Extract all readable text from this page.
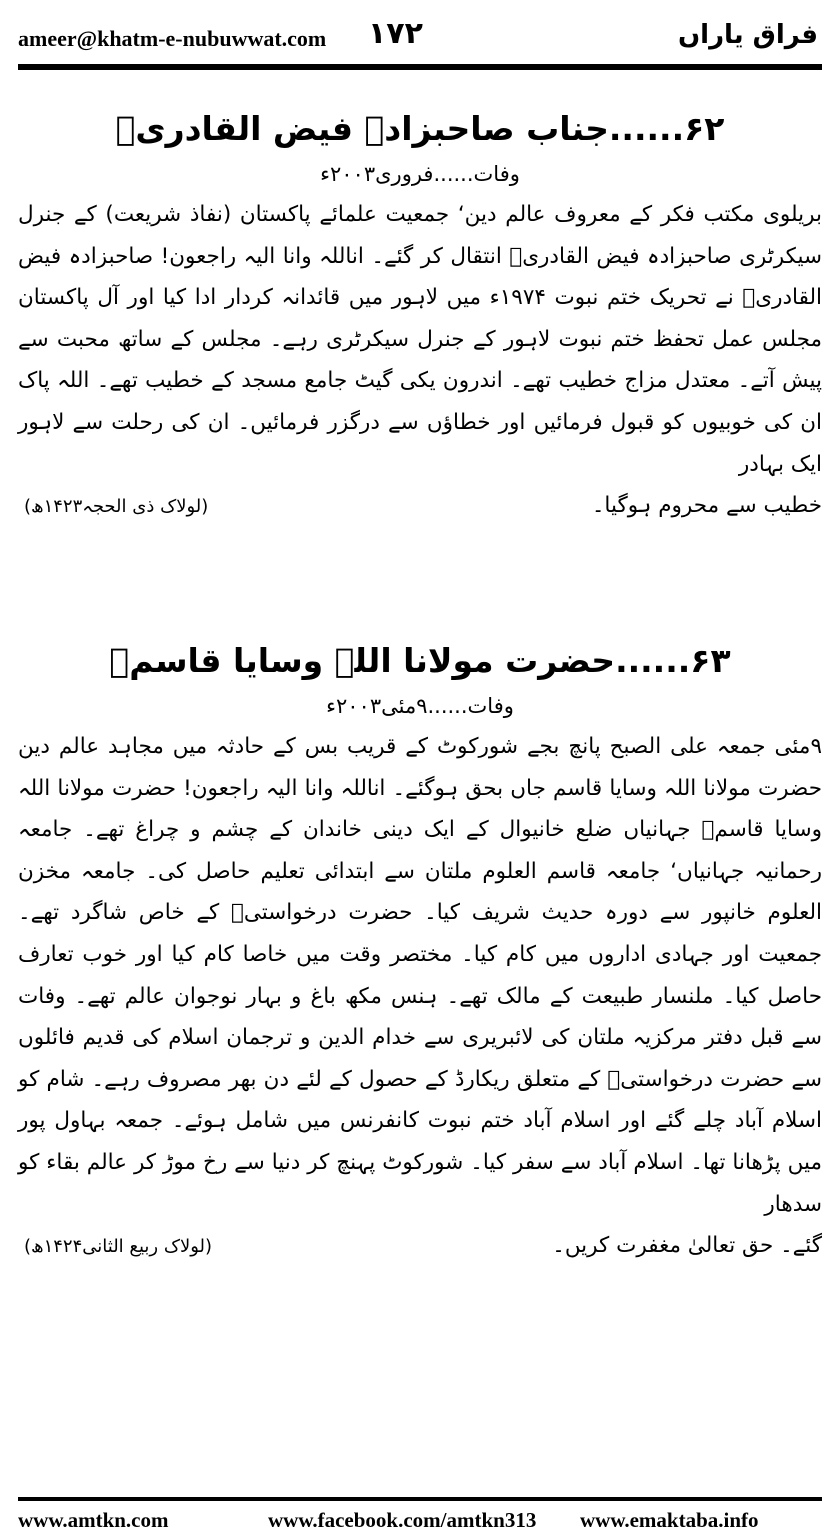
ameer@khatm-e-nubuwwat.com ۱۷۲	فراق یاراں
۶۲......جناب صاحبزادہ فیض القادریؒ
وفات......فروری۲۰۰۳ء

بریلوی مکتب فکر کے معروف عالم دین‘ جمعیت علمائے پاکستان (نفاذ شریعت) کے جنرل سیکرٹری صاحبزادہ فیض القادریؒ انتقال کر گئے۔ اناللہ وانا الیہ راجعون! صاحبزادہ فیض القادریؒ نے تحریک ختم نبوت ۱۹۷۴ء میں لاہور میں قائدانہ کردار ادا کیا اور آل پاکستان مجلس عمل تحفظ ختم نبوت لاہور کے جنرل سیکرٹری رہے۔ مجلس کے ساتھ محبت سے پیش آتے۔ معتدل مزاج خطیب تھے۔ اندرون یکی گیٹ جامع مسجد کے خطیب تھے۔ اللہ پاک ان کی خوبیوں کو قبول فرمائیں اور خطاؤں سے درگزر فرمائیں۔ ان کی رحلت سے لاہور ایک بہادر

خطیب سے محروم ہوگیا۔
(لولاک ذی الحجہ۱۴۲۳ھ)
۶۳......حضرت مولانا اللہ وسایا قاسمؒ
وفات......۹مئی۲۰۰۳ء

۹مئی جمعہ علی الصبح پانچ بجے شورکوٹ کے قریب بس کے حادثہ میں مجاہد عالم دین حضرت مولانا اللہ وسایا قاسم جاں بحق ہوگئے۔ اناللہ وانا الیہ راجعون! حضرت مولانا اللہ وسایا قاسمؒ جہانیاں ضلع خانیوال کے ایک دینی خاندان کے چشم و چراغ تھے۔ جامعہ رحمانیہ جہانیاں‘ جامعہ قاسم العلوم ملتان سے ابتدائی تعلیم حاصل کی۔ جامعہ مخزن العلوم خانپور سے دورہ حدیث شریف کیا۔ حضرت درخواستیؒ کے خاص شاگرد تھے۔ جمعیت اور جہادی اداروں میں کام کیا۔ مختصر وقت میں خاصا کام کیا اور خوب تعارف حاصل کیا۔ ملنسار طبیعت کے مالک تھے۔ ہنس مکھ باغ و بہار نوجوان عالم تھے۔ وفات سے قبل دفتر مرکزیہ ملتان کی لائبریری سے خدام الدین و ترجمان اسلام کی قدیم فائلوں سے حضرت درخواستیؒ کے متعلق ریکارڈ کے حصول کے لئے دن بھر مصروف رہے۔ شام کو اسلام آباد چلے گئے اور اسلام آباد ختم نبوت کانفرنس میں شامل ہوئے۔ جمعہ بہاول پور میں پڑھانا تھا۔ اسلام آباد سے سفر کیا۔ شورکوٹ پہنچ کر دنیا سے رخ موڑ کر عالم بقاء کو سدھار

گئے۔ حق تعالیٰ مغفرت کریں۔
(لولاک ربیع الثانی۱۴۲۴ھ)
www.amtkn.com	www.facebook.com/amtkn313 www.emaktaba.info
